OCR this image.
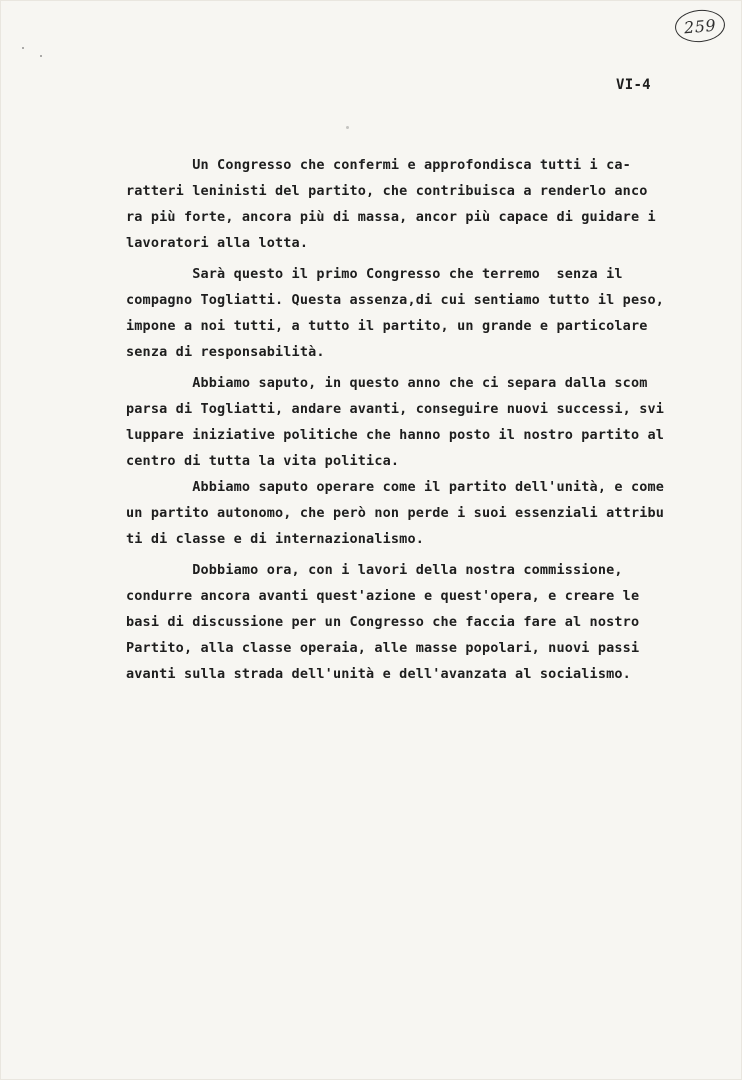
259
VI-4
Un Congresso che confermi e approfondisca tutti i ca-
ratteri leninisti del partito, che contribuisca a renderlo anco
ra più forte, ancora più di massa, ancor più capace di guidare i
lavoratori alla lotta.
Sarà questo il primo Congresso che terremo  senza il
compagno Togliatti. Questa assenza,di cui sentiamo tutto il peso,
impone a noi tutti, a tutto il partito, un grande e particolare
senza di responsabilità.
Abbiamo saputo, in questo anno che ci separa dalla scom
parsa di Togliatti, andare avanti, conseguire nuovi successi, svi
luppare iniziative politiche che hanno posto il nostro partito al
centro di tutta la vita politica.
Abbiamo saputo operare come il partito dell'unità, e come
un partito autonomo, che però non perde i suoi essenziali attribu
ti di classe e di internazionalismo.
Dobbiamo ora, con i lavori della nostra commissione,
condurre ancora avanti quest'azione e quest'opera, e creare le
basi di discussione per un Congresso che faccia fare al nostro
Partito, alla classe operaia, alle masse popolari, nuovi passi
avanti sulla strada dell'unità e dell'avanzata al socialismo.
